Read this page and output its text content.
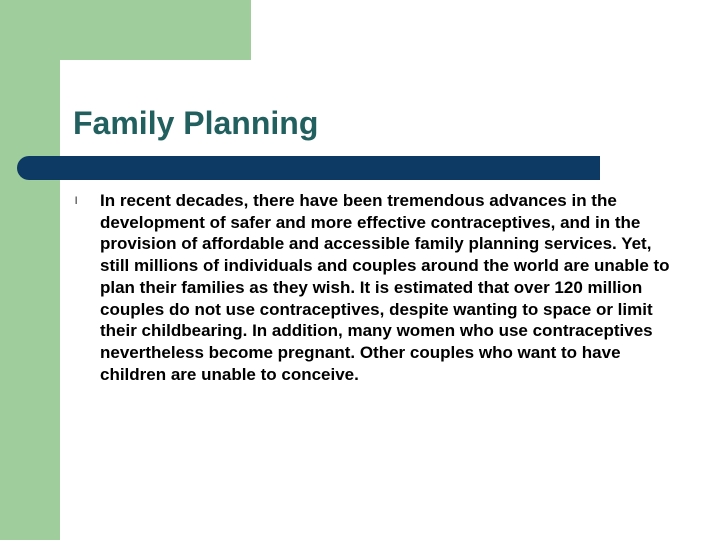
Family Planning
l In recent decades, there have been tremendous advances in the development of safer and more effective contraceptives, and in the provision of affordable and accessible family planning services. Yet, still millions of individuals and couples around the world are unable to plan their families as they wish. It is estimated that over 120 million couples do not use contraceptives, despite wanting to space or limit their childbearing. In addition, many women who use contraceptives nevertheless become pregnant. Other couples who want to have children are unable to conceive.
